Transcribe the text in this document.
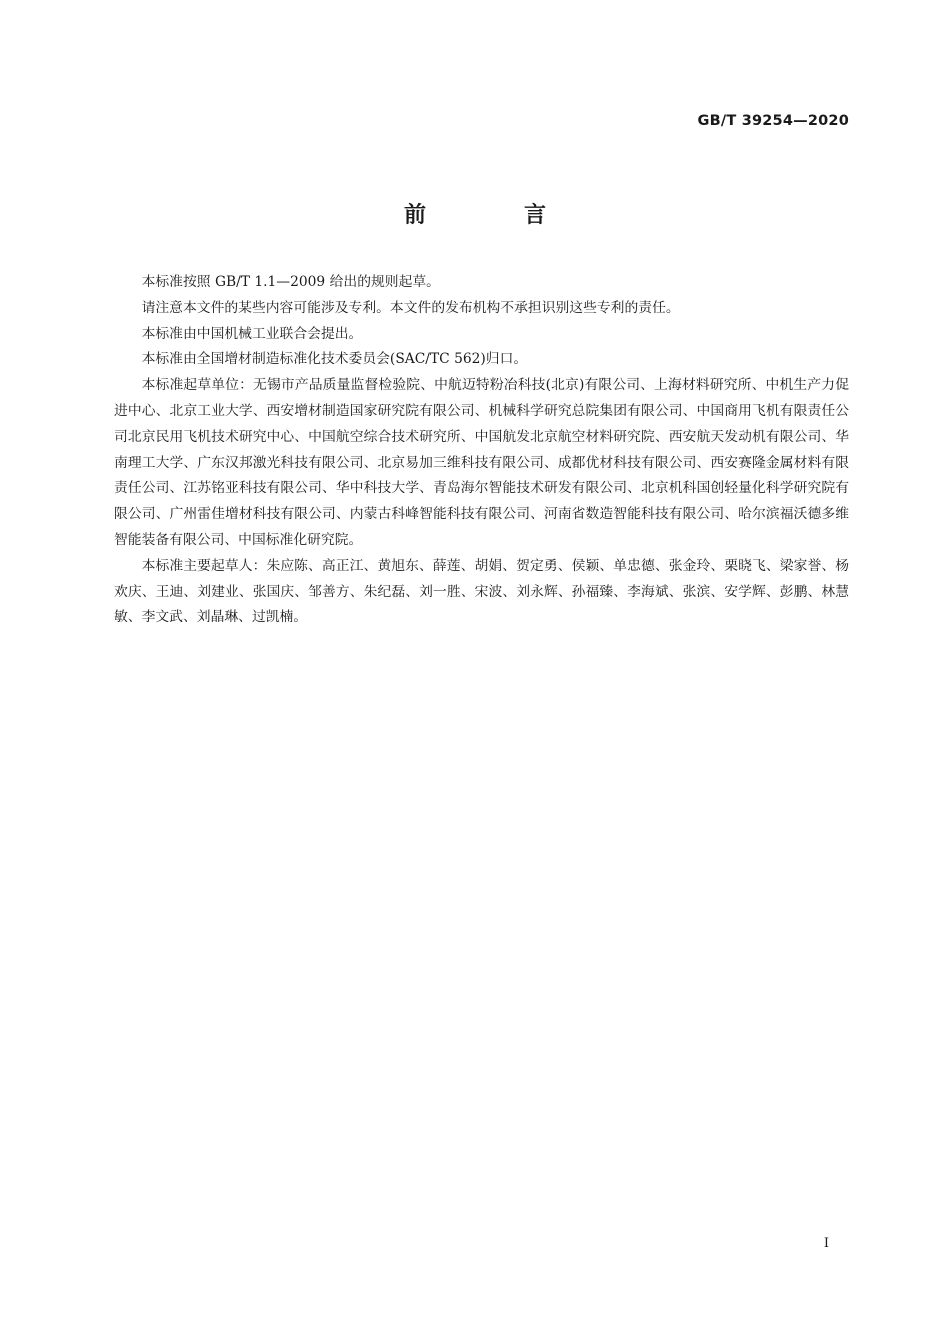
GB/T 39254—2020
前　言

本标准按照 GB/T 1.1—2009 给出的规则起草。

请注意本文件的某些内容可能涉及专利。本文件的发布机构不承担识别这些专利的责任。

本标准由中国机械工业联合会提出。

本标准由全国增材制造标准化技术委员会(SAC/TC 562)归口。

本标准起草单位：无锡市产品质量监督检验院、中航迈特粉冶科技(北京)有限公司、上海材料研究所、中机生产力促进中心、北京工业大学、西安增材制造国家研究院有限公司、机械科学研究总院集团有限公司、中国商用飞机有限责任公司北京民用飞机技术研究中心、中国航空综合技术研究所、中国航发北京航空材料研究院、西安航天发动机有限公司、华南理工大学、广东汉邦激光科技有限公司、北京易加三维科技有限公司、成都优材科技有限公司、西安赛隆金属材料有限责任公司、江苏铭亚科技有限公司、华中科技大学、青岛海尔智能技术研发有限公司、北京机科国创轻量化科学研究院有限公司、广州雷佳增材科技有限公司、内蒙古科峰智能科技有限公司、河南省数造智能科技有限公司、哈尔滨福沃德多维智能装备有限公司、中国标准化研究院。

本标准主要起草人：朱应陈、高正江、黄旭东、薛莲、胡娟、贺定勇、侯颖、单忠德、张金玲、栗晓飞、梁家誉、杨欢庆、王迪、刘建业、张国庆、邹善方、朱纪磊、刘一胜、宋波、刘永辉、孙福臻、李海斌、张滨、安学辉、彭鹏、林慧敏、李文武、刘晶琳、过凯楠。

I
